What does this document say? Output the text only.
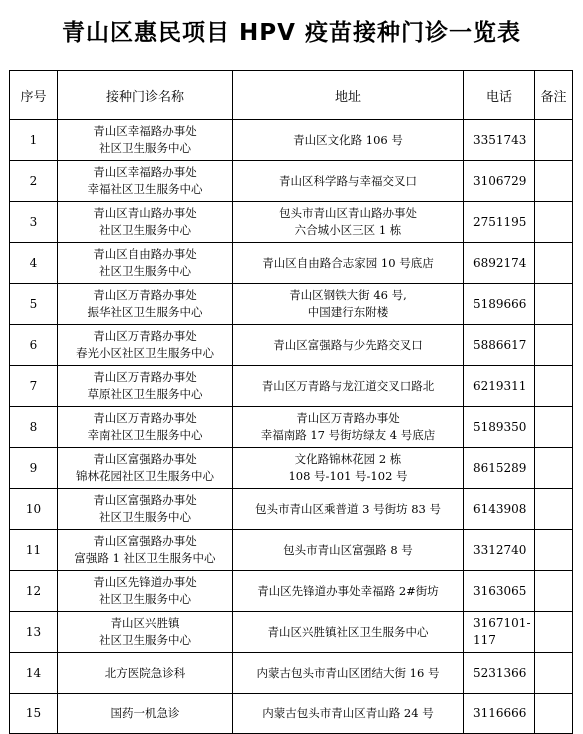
青山区惠民项目 HPV 疫苗接种门诊一览表
序号	接种门诊名称	地址	电话	备注
1	青山区幸福路办事处
社区卫生服务中心	青山区文化路 106 号	3351743	
2	青山区幸福路办事处
幸福社区卫生服务中心	青山区科学路与幸福交叉口	3106729	
3	青山区青山路办事处
社区卫生服务中心	包头市青山区青山路办事处
六合城小区三区 1 栋	2751195	
4	青山区自由路办事处
社区卫生服务中心	青山区自由路合志家园 10 号底店	6892174	
5	青山区万青路办事处
振华社区卫生服务中心	青山区钢铁大街 46 号,
中国建行东附楼	5189666	
6	青山区万青路办事处
春光小区社区卫生服务中心	青山区富强路与少先路交叉口	5886617	
7	青山区万青路办事处
草原社区卫生服务中心	青山区万青路与龙江道交叉口路北	6219311	
8	青山区万青路办事处
幸南社区卫生服务中心	青山区万青路办事处
幸福南路 17 号街坊绿友 4 号底店	5189350	
9	青山区富强路办事处
锦林花园社区卫生服务中心	文化路锦林花园 2 栋
108 号-101 号-102 号	8615289	
10	青山区富强路办事处
社区卫生服务中心	包头市青山区乘普道 3 号街坊 83 号	6143908	
11	青山区富强路办事处
富强路 1 社区卫生服务中心	包头市青山区富强路 8 号	3312740	
12	青山区先锋道办事处
社区卫生服务中心	青山区先锋道办事处幸福路 2#街坊	3163065	
13	青山区兴胜镇
社区卫生服务中心	青山区兴胜镇社区卫生服务中心	3167101-117	
14	北方医院急诊科	内蒙古包头市青山区团结大街 16 号	5231366	
15	国药一机急诊	内蒙古包头市青山区青山路 24 号	3116666	
